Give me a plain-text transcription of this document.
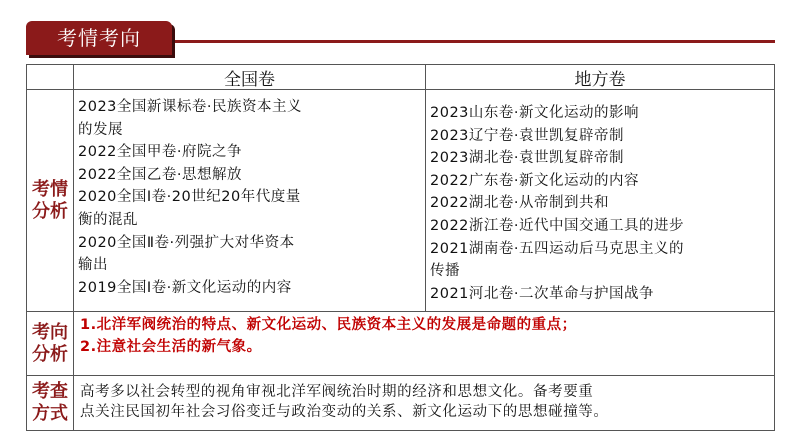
考情考向
全国卷	地方卷
考情
分析
2023全国新课标卷·民族资本主义
的发展
2022全国甲卷·府院之争
2022全国乙卷·思想解放
2020全国Ⅰ卷·20世纪20年代度量
衡的混乱
2020全国Ⅱ卷·列强扩大对华资本
输出
2019全国Ⅰ卷·新文化运动的内容
2023山东卷·新文化运动的影响
2023辽宁卷·袁世凯复辟帝制
2023湖北卷·袁世凯复辟帝制
2022广东卷·新文化运动的内容
2022湖北卷·从帝制到共和
2022浙江卷·近代中国交通工具的进步
2021湖南卷·五四运动后马克思主义的
传播
2021河北卷·二次革命与护国战争
考向
分析
1.北洋军阀统治的特点、新文化运动、民族资本主义的发展是命题的重点；
2.注意社会生活的新气象。
考查
方式
高考多以社会转型的视角审视北洋军阀统治时期的经济和思想文化。备考要重
点关注民国初年社会习俗变迁与政治变动的关系、新文化运动下的思想碰撞等。
